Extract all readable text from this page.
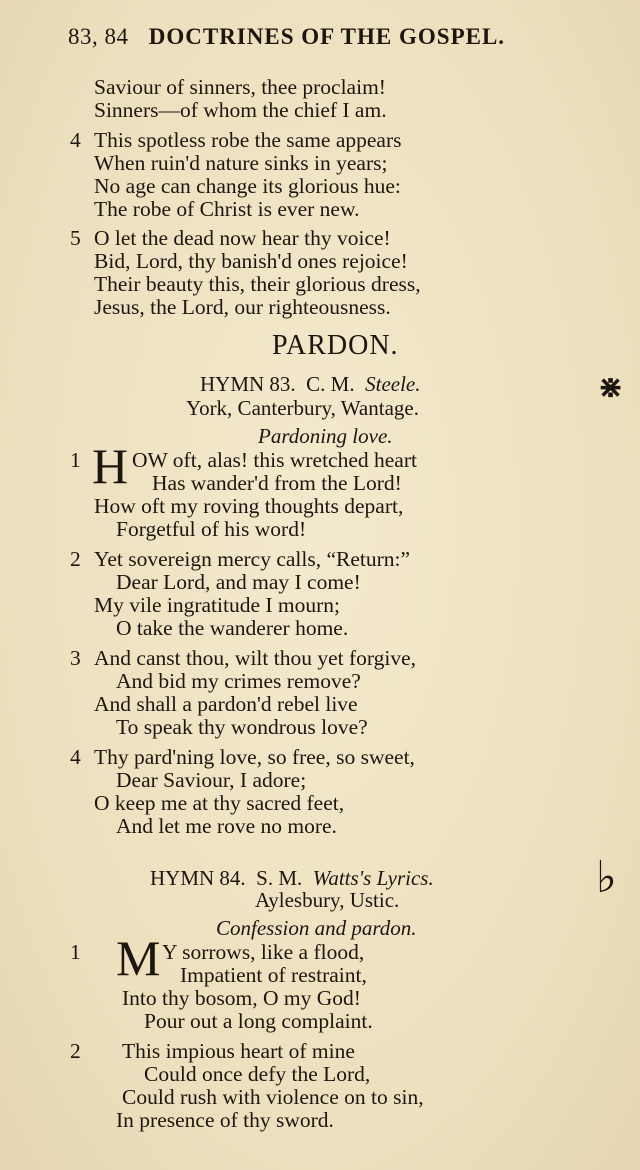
83, 84 DOCTRINES OF THE GOSPEL.
Saviour of sinners, thee proclaim!
Sinners—of whom the chief I am.
4 This spotless robe the same appears
When ruin'd nature sinks in years;
No age can change its glorious hue:
The robe of Christ is ever new.
5 O let the dead now hear thy voice!
Bid, Lord, thy banish'd ones rejoice!
Their beauty this, their glorious dress,
Jesus, the Lord, our righteousness.
PARDON.
HYMN 83. C. M. Steele.	⋇
York, Canterbury, Wantage.
Pardoning love.
1 H OW oft, alas! this wretched heart
Has wander'd from the Lord!
How oft my roving thoughts depart,
Forgetful of his word!
2 Yet sovereign mercy calls, “Return:”
Dear Lord, and may I come!
My vile ingratitude I mourn;
O take the wanderer home.
3 And canst thou, wilt thou yet forgive,
And bid my crimes remove?
And shall a pardon'd rebel live
To speak thy wondrous love?
4 Thy pard'ning love, so free, so sweet,
Dear Saviour, I adore;
O keep me at thy sacred feet,
And let me rove no more.
HYMN 84. S. M. Watts's Lyrics.	♭
Aylesbury, Ustic.
Confession and pardon.
1 M Y sorrows, like a flood,
Impatient of restraint,
Into thy bosom, O my God!
Pour out a long complaint.
2 This impious heart of mine
Could once defy the Lord,
Could rush with violence on to sin,
In presence of thy sword.
